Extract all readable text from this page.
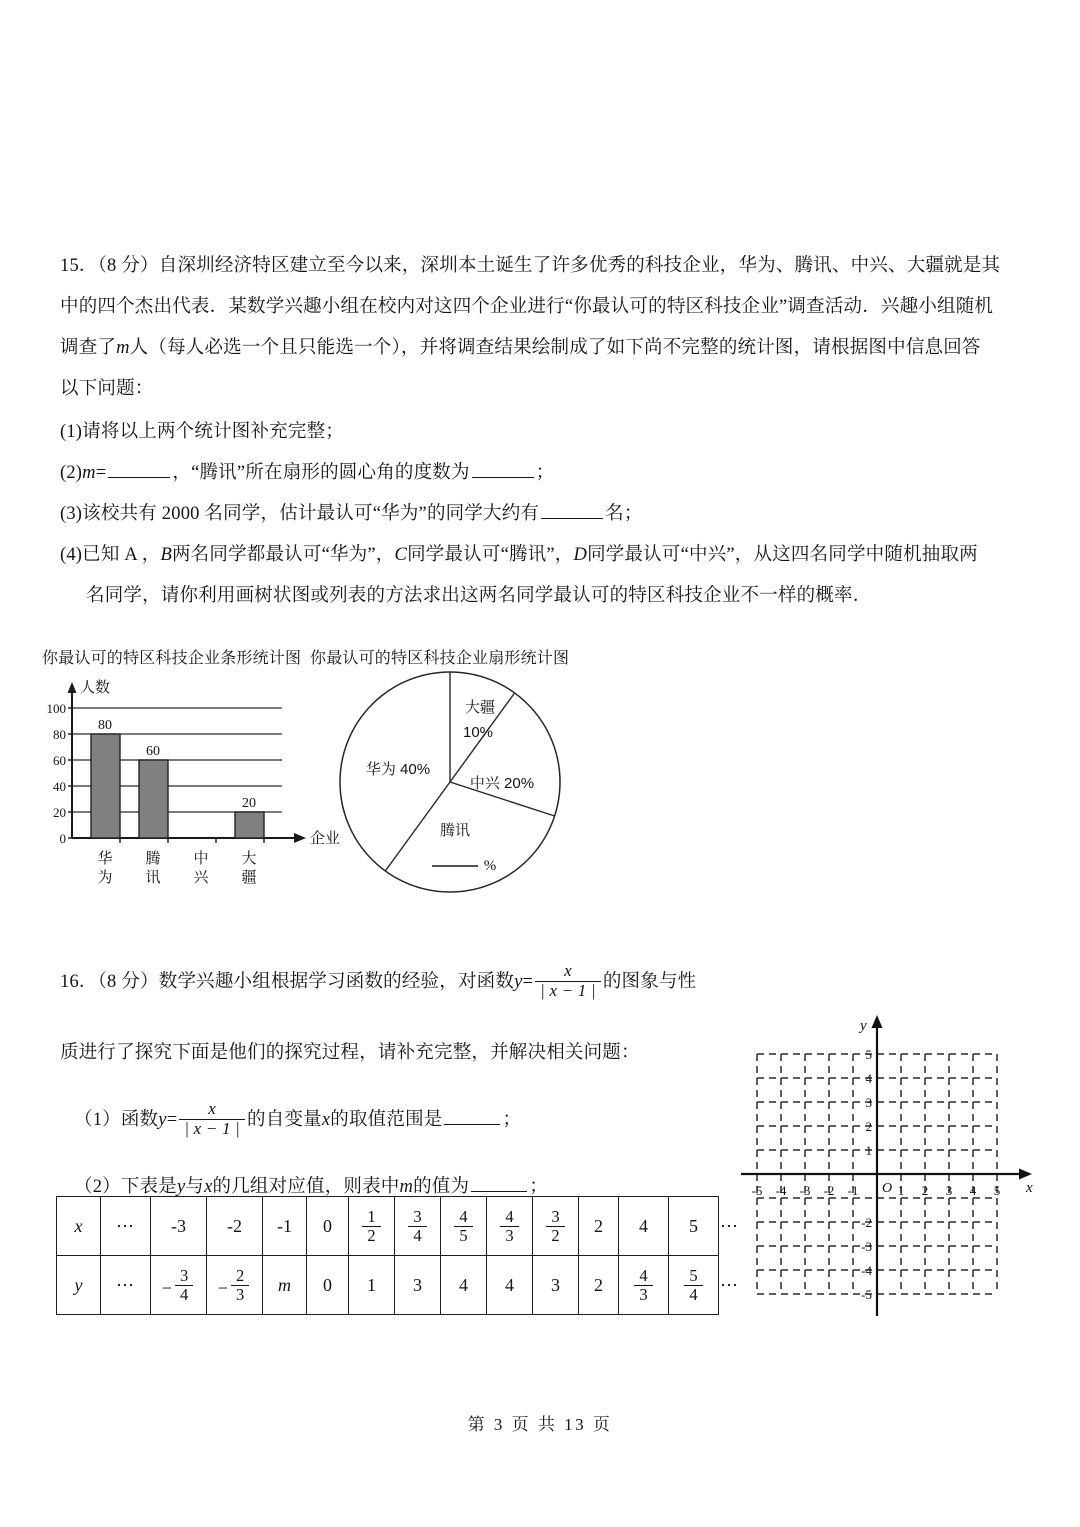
15．（8 分）自深圳经济特区建立至今以来，深圳本土诞生了许多优秀的科技企业，华为、腾讯、中兴、大疆就是其
中的四个杰出代表．某数学兴趣小组在校内对这四个企业进行“你最认可的特区科技企业”调查活动．兴趣小组随机
调查了m人（每人必选一个且只能选一个），并将调查结果绘制成了如下尚不完整的统计图，请根据图中信息回答
以下问题：
(1)请将以上两个统计图补充完整；
(2)m=	，“腾讯”所在扇形的圆心角的度数为	；
(3)该校共有 2000 名同学，估计最认可“华为”的同学大约有	名；
(4)已知 A ，B两名同学都最认可“华为”，C同学最认可“腾讯”，D同学最认可“中兴”，从这四名同学中随机抽取两
名同学，请你利用画树状图或列表的方法求出这两名同学最认可的特区科技企业不一样的概率．
你最认可的特区科技企业条形统计图 你最认可的特区科技企业扇形统计图
0
20
40
60
80
100
80
60
20
人数
企业
华
为
腾
讯
中
兴
大
疆
大疆
10%
中兴 20%
华为 40%
腾讯
%
16．（8 分）数学兴趣小组根据学习函数的经验，对函数$y= \frac{x}{| x - 1 |}$ 的图象与性
质进行了探究下面是他们的探究过程，请补充完整，并解决相关问题：
（1）函数$y= \frac{x}{| x - 1 |}$ 的自变量x的取值范围是	；
（2）下表是y与x的几组对应值，则表中m的值为	；
y
x
O
-5 -4 -3 -2 -1	1 2 3 4 5
5
4
3
2
1
-2
-3
-4
-5
x	⋯	-3	-2	-1	0	$\frac{1}{2}$	$\frac{3}{4}$	$\frac{4}{5}$	$\frac{4}{3}$	$\frac{3}{2}$	2	4	5	⋯
y	⋯	− $\frac{3}{4}$	− $\frac{2}{3}$	m	0	1	3	4	4	3	2	$\frac{4}{3}$	$\frac{5}{4}$	⋯
第 3 页 共 13 页
